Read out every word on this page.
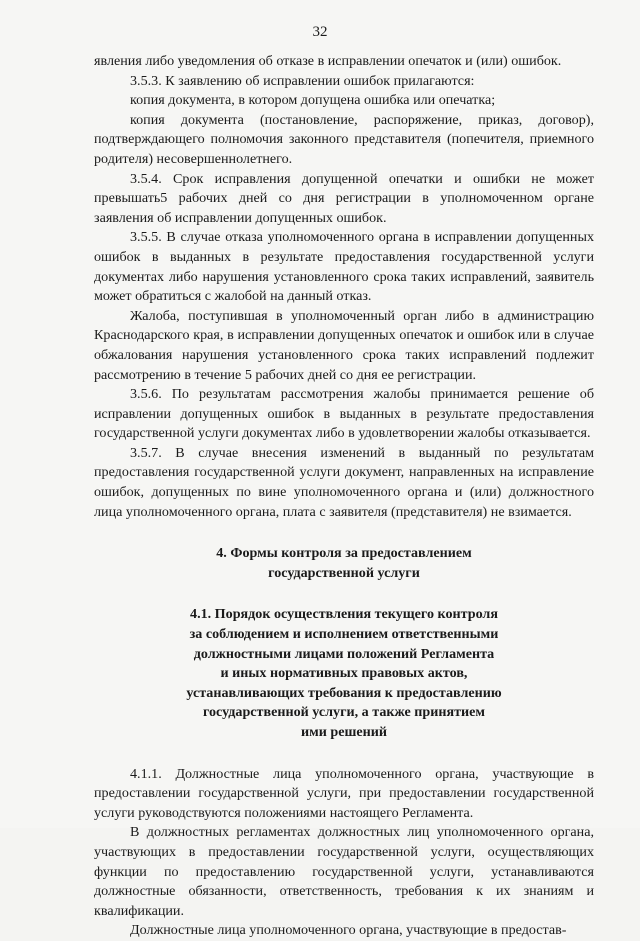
32

явления либо уведомления об отказе в исправлении опечаток и (или) ошибок.

3.5.3. К заявлению об исправлении ошибок прилагаются:

копия документа, в котором допущена ошибка или опечатка;

копия документа (постановление, распоряжение, приказ, договор), подтверждающего полномочия законного представителя (попечителя, приемного родителя) несовершеннолетнего.

3.5.4. Срок исправления допущенной опечатки и ошибки не может превышать5 рабочих дней со дня регистрации в уполномоченном органе заявления об исправлении допущенных ошибок.

3.5.5. В случае отказа уполномоченного органа в исправлении допущенных ошибок в выданных в результате предоставления государственной услуги документах либо нарушения установленного срока таких исправлений, заявитель может обратиться с жалобой на данный отказ.

Жалоба, поступившая в уполномоченный орган либо в администрацию Краснодарского края, в исправлении допущенных опечаток и ошибок или в случае обжалования нарушения установленного срока таких исправлений подлежит рассмотрению в течение 5 рабочих дней со дня ее регистрации.

3.5.6. По результатам рассмотрения жалобы принимается решение об исправлении допущенных ошибок в выданных в результате предоставления государственной услуги документах либо в удовлетворении жалобы отказывается.

3.5.7. В случае внесения изменений в выданный по результатам предоставления государственной услуги документ, направленных на исправление ошибок, допущенных по вине уполномоченного органа и (или) должностного лица уполномоченного органа, плата с заявителя (представителя) не взимается.

4. Формы контроля за предоставлением
государственной услуги
4.1. Порядок осуществления текущего контроля
за соблюдением и исполнением ответственными
должностными лицами положений Регламента
и иных нормативных правовых актов,
устанавливающих требования к предоставлению
государственной услуги, а также принятием
ими решений

4.1.1. Должностные лица уполномоченного органа, участвующие в предоставлении государственной услуги, при предоставлении государственной услуги руководствуются положениями настоящего Регламента.

В должностных регламентах должностных лиц уполномоченного органа, участвующих в предоставлении государственной услуги, осуществляющих функции по предоставлению государственной услуги, устанавливаются должностные обязанности, ответственность, требования к их знаниям и квалификации.

Должностные лица уполномоченного органа, участвующие в предостав-
